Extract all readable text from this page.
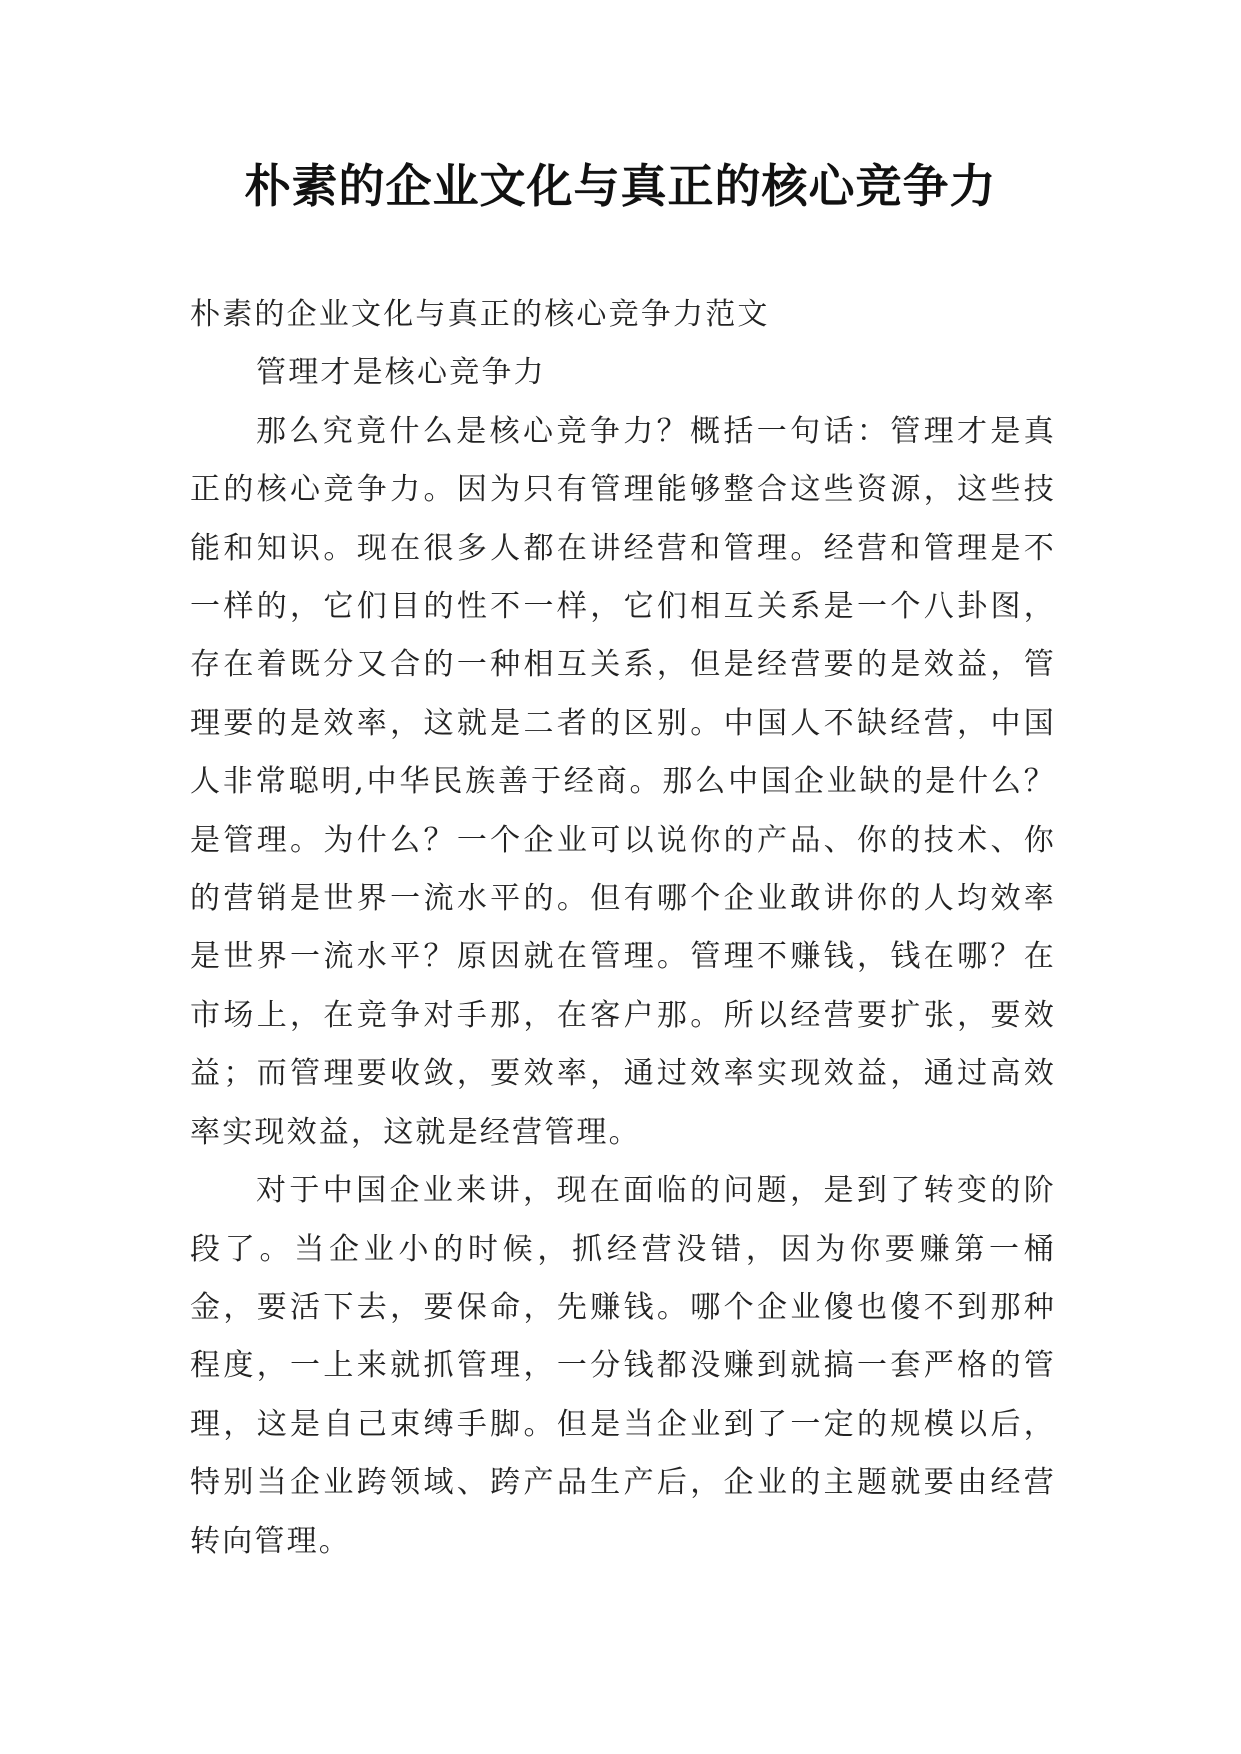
朴素的企业文化与真正的核心竞争力

朴素的企业文化与真正的核心竞争力范文

管理才是核心竞争力

那么究竟什么是核心竞争力？概括一句话：管理才是真正的核心竞争力。因为只有管理能够整合这些资源，这些技能和知识。现在很多人都在讲经营和管理。经营和管理是不一样的，它们目的性不一样，它们相互关系是一个八卦图，存在着既分又合的一种相互关系，但是经营要的是效益，管理要的是效率，这就是二者的区别。中国人不缺经营，中国人非常聪明,中华民族善于经商。那么中国企业缺的是什么？是管理。为什么？一个企业可以说你的产品、你的技术、你的营销是世界一流水平的。但有哪个企业敢讲你的人均效率是世界一流水平？原因就在管理。管理不赚钱，钱在哪？在市场上，在竞争对手那，在客户那。所以经营要扩张，要效益；而管理要收敛，要效率，通过效率实现效益，通过高效率实现效益，这就是经营管理。

对于中国企业来讲，现在面临的问题，是到了转变的阶段了。当企业小的时候，抓经营没错，因为你要赚第一桶金，要活下去，要保命，先赚钱。哪个企业傻也傻不到那种程度，一上来就抓管理，一分钱都没赚到就搞一套严格的管理，这是自己束缚手脚。但是当企业到了一定的规模以后，特别当企业跨领域、跨产品生产后，企业的主题就要由经营转向管理。
